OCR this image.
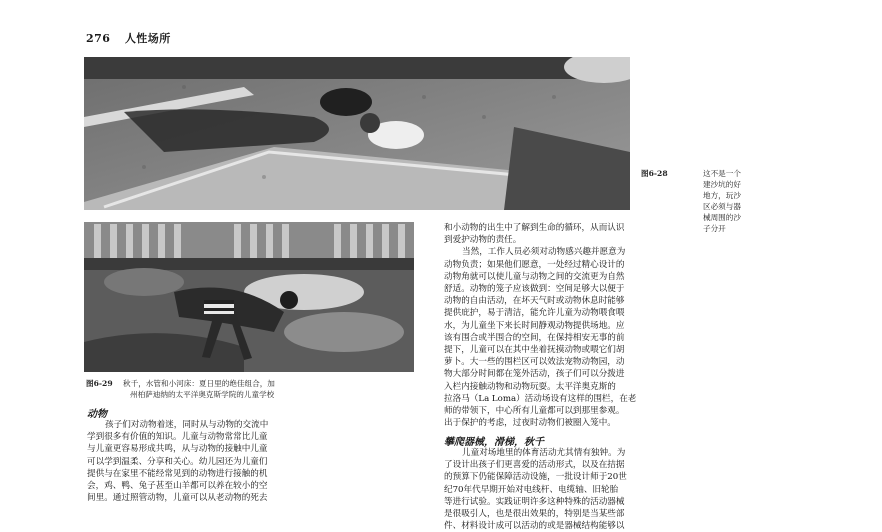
276 人性场所
图6-28	这不是一个
建沙坑的好
地方，玩沙
区必须与器
械周围的沙
子分开
图6-29 秋千，水管和小河床：夏日里的绝佳组合，加
州柏萨迪纳的太平洋奥克斯学院的儿童学校
动物

孩子们对动物着迷，同时从与动物的交流中

学到很多有价值的知识。儿童与动物常常比儿童

与儿童更容易形成共鸣，从与动物的接触中儿童

可以学到温柔、分享和关心。幼儿园还为儿童们

提供与在家里不能经常见到的动物进行接触的机

会，鸡、鸭、兔子甚至山羊都可以养在较小的空

间里。通过照管动物，儿童可以从老动物的死去

和小动物的出生中了解到生命的循环，从而认识

到爱护动物的责任。

当然，工作人员必须对动物感兴趣并愿意为

动物负责；如果他们愿意，一处经过精心设计的

动物角就可以使儿童与动物之间的交流更为自然

舒适。动物的笼子应该做到：空间足够大以便于

动物的自由活动，在坏天气时或动物休息时能够

提供庇护，易于清洁，能允许儿童为动物喂食喂

水，为儿童坐下来长时间静观动物提供场地。应

该有围合或半围合的空间，在保持相安无事的前

提下，儿童可以在其中坐着抚摸动物或喂它们胡

萝卜。大一些的围栏区可以效法宠物动物园，动

物大部分时间都在笼外活动，孩子们可以分拨进

入栏内接触动物和动物玩耍。太平洋奥克斯的

拉洛马（La Loma）活动场设有这样的围栏，在老

师的带领下，中心所有儿童都可以到那里参观。

出于保护的考虑，过夜时动物们被圈入笼中。

攀爬器械，滑梯，秋千

儿童对场地里的体育活动尤其情有独钟。为

了设计出孩子们更喜爱的活动形式，以及在拮据

的预算下仍能保障活动设施，一批设计师于20世

纪70年代早期开始对电线杆、电缆轴、旧轮胎

等进行试验。实践证明许多这种特殊的活动器械

是很吸引人，也是很出效果的，特别是当某些部

件、材料设计成可以活动的或是器械结构能够以
